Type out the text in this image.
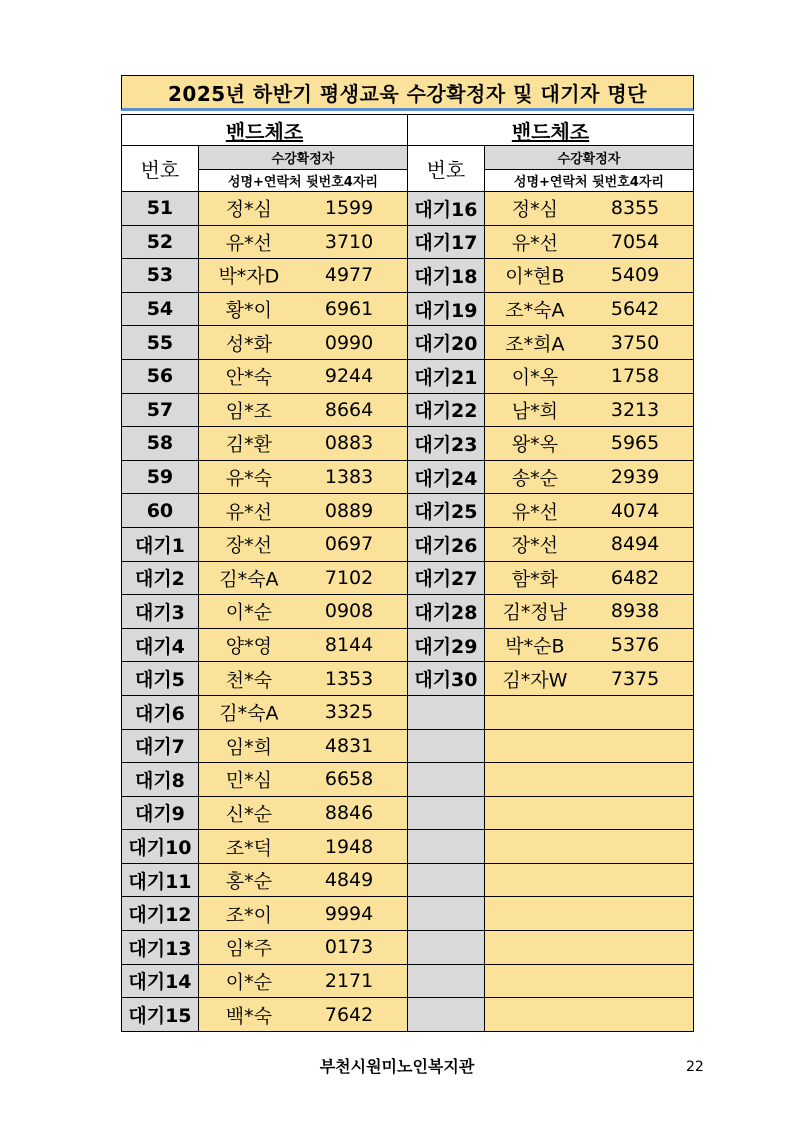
2025년 하반기 평생교육 수강확정자 및 대기자 명단
밴드체조		밴드체조	
번호	수강확정자	번호	수강확정자
	성명+연락처 뒷번호4자리		성명+연락처 뒷번호4자리
51	정*심 1599	대기16	정*심 8355

52	유*선 3710	대기17	유*선 7054

53	박*자D 4977	대기18	이*현B 5409

54	황*이 6961	대기19	조*숙A 5642

55	성*화 0990	대기20	조*희A 3750

56	안*숙 9244	대기21	이*옥 1758

57	임*조 8664	대기22	남*희 3213

58	김*환 0883	대기23	왕*옥 5965

59	유*숙 1383	대기24	송*순 2939

60	유*선 0889	대기25	유*선 4074

대기1	장*선 0697	대기26	장*선 8494

대기2	김*숙A 7102	대기27	함*화 6482

대기3	이*순 0908	대기28	김*정남 8938

대기4	양*영 8144	대기29	박*순B 5376

대기5	천*숙 1353	대기30	김*자W 7375

대기6	김*숙A 3325		

대기7	임*희 4831		

대기8	민*심 6658		

대기9	신*순 8846		

대기10	조*덕 1948		

대기11	홍*순 4849		

대기12	조*이 9994		

대기13	임*주 0173		

대기14	이*순 2171		

대기15	백*숙 7642		

부천시원미노인복지관	22
